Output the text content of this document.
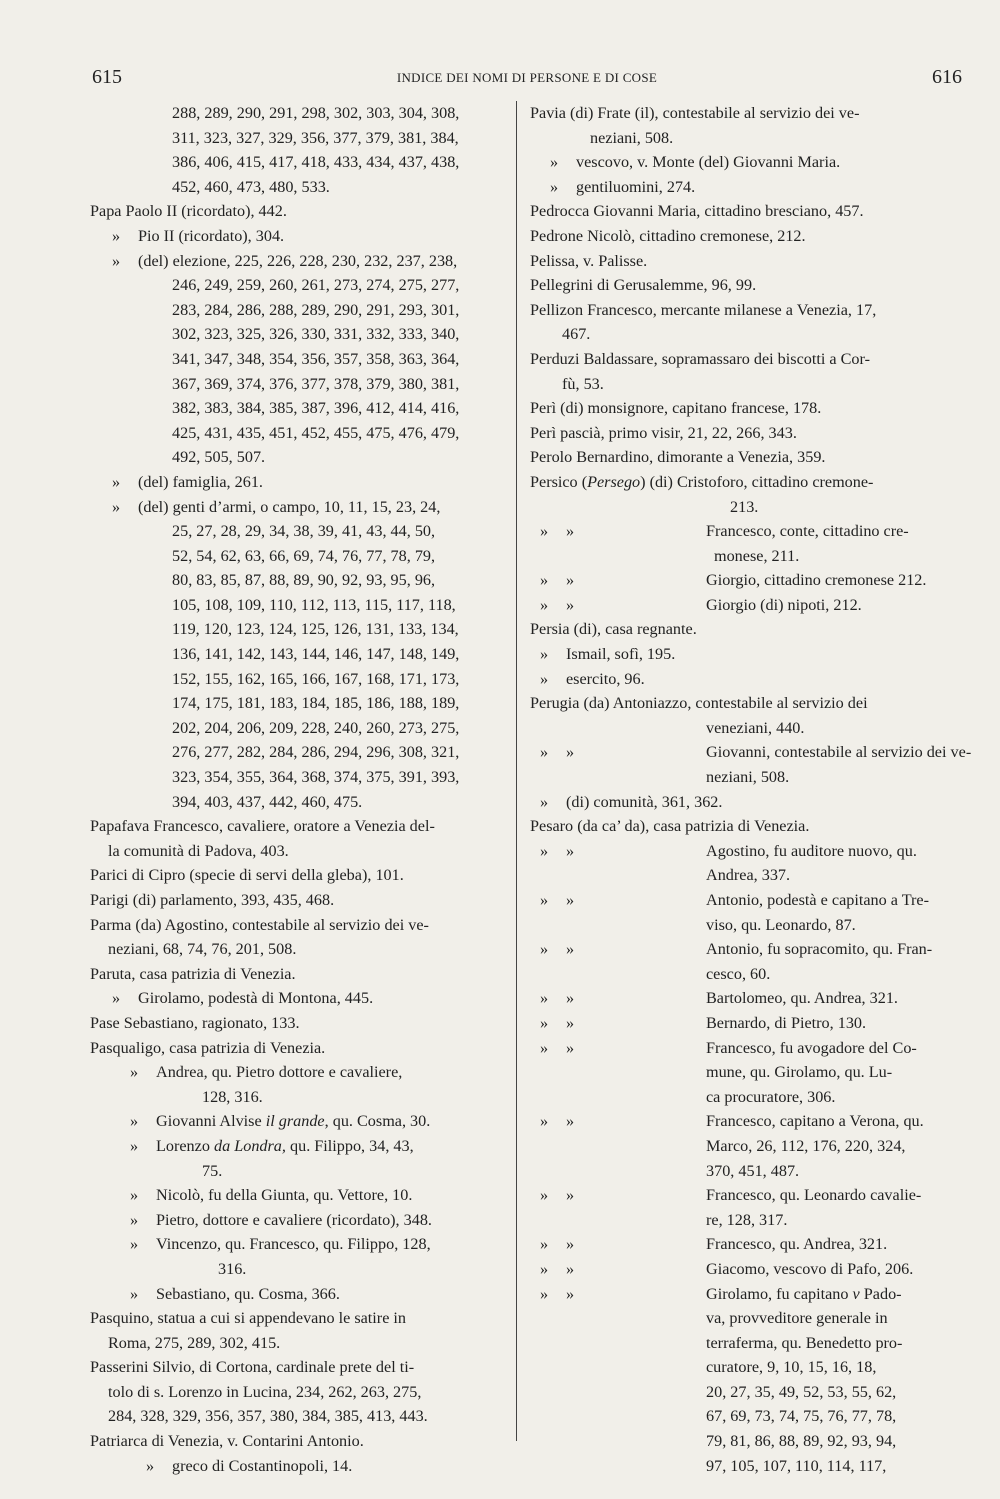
615	INDICE DEI NOMI DI PERSONE E DI COSE	616
288, 289, 290, 291, 298, 302, 303, 304, 308,
311, 323, 327, 329, 356, 377, 379, 381, 384,
386, 406, 415, 417, 418, 433, 434, 437, 438,
452, 460, 473, 480, 533.
Papa Paolo II (ricordato), 442.
» Pio II (ricordato), 304.
» (del) elezione, 225, 226, 228, 230, 232, 237, 238,
246, 249, 259, 260, 261, 273, 274, 275, 277,
283, 284, 286, 288, 289, 290, 291, 293, 301,
302, 323, 325, 326, 330, 331, 332, 333, 340,
341, 347, 348, 354, 356, 357, 358, 363, 364,
367, 369, 374, 376, 377, 378, 379, 380, 381,
382, 383, 384, 385, 387, 396, 412, 414, 416,
425, 431, 435, 451, 452, 455, 475, 476, 479,
492, 505, 507.
» (del) famiglia, 261.
» (del) genti d’armi, o campo, 10, 11, 15, 23, 24,
25, 27, 28, 29, 34, 38, 39, 41, 43, 44, 50,
52, 54, 62, 63, 66, 69, 74, 76, 77, 78, 79,
80, 83, 85, 87, 88, 89, 90, 92, 93, 95, 96,
105, 108, 109, 110, 112, 113, 115, 117, 118,
119, 120, 123, 124, 125, 126, 131, 133, 134,
136, 141, 142, 143, 144, 146, 147, 148, 149,
152, 155, 162, 165, 166, 167, 168, 171, 173,
174, 175, 181, 183, 184, 185, 186, 188, 189,
202, 204, 206, 209, 228, 240, 260, 273, 275,
276, 277, 282, 284, 286, 294, 296, 308, 321,
323, 354, 355, 364, 368, 374, 375, 391, 393,
394, 403, 437, 442, 460, 475.
Papafava Francesco, cavaliere, oratore a Venezia del-
la comunità di Padova, 403.
Parici di Cipro (specie di servi della gleba), 101.
Parigi (di) parlamento, 393, 435, 468.
Parma (da) Agostino, contestabile al servizio dei ve-
neziani, 68, 74, 76, 201, 508.
Paruta, casa patrizia di Venezia.
» Girolamo, podestà di Montona, 445.
Pase Sebastiano, ragionato, 133.
Pasqualigo, casa patrizia di Venezia.
» Andrea, qu. Pietro dottore e cavaliere,
128, 316.
» Giovanni Alvise il grande, qu. Cosma, 30.
» Lorenzo da Londra, qu. Filippo, 34, 43,
75.
» Nicolò, fu della Giunta, qu. Vettore, 10.
» Pietro, dottore e cavaliere (ricordato), 348.
» Vincenzo, qu. Francesco, qu. Filippo, 128,
316.
» Sebastiano, qu. Cosma, 366.
Pasquino, statua a cui si appendevano le satire in
Roma, 275, 289, 302, 415.
Passerini Silvio, di Cortona, cardinale prete del ti-
tolo di s. Lorenzo in Lucina, 234, 262, 263, 275,
284, 328, 329, 356, 357, 380, 384, 385, 413, 443.
Patriarca di Venezia, v. Contarini Antonio.
» greco di Costantinopoli, 14.
Pavia (di) Frate (il), contestabile al servizio dei ve-
neziani, 508.
» vescovo, v. Monte (del) Giovanni Maria.
» gentiluomini, 274.
Pedrocca Giovanni Maria, cittadino bresciano, 457.
Pedrone Nicolò, cittadino cremonese, 212.
Pelissa, v. Palisse.
Pellegrini di Gerusalemme, 96, 99.
Pellizon Francesco, mercante milanese a Venezia, 17,
467.
Perduzi Baldassare, sopramassaro dei biscotti a Cor-
fù, 53.
Perì (di) monsignore, capitano francese, 178.
Perì pascià, primo visir, 21, 22, 266, 343.
Perolo Bernardino, dimorante a Venezia, 359.
Persico (Persego) (di) Cristoforo, cittadino cremone-
213.
» »	Francesco, conte, cittadino cre-
monese, 211.
» »	Giorgio, cittadino cremonese 212.
» »	Giorgio (di) nipoti, 212.
Persia (di), casa regnante.
» Ismail, sofì, 195.
» esercito, 96.
Perugia (da) Antoniazzo, contestabile al servizio dei
veneziani, 440.
» »	Giovanni, contestabile al servizio dei ve-
neziani, 508.
» (di) comunità, 361, 362.
Pesaro (da ca’ da), casa patrizia di Venezia.
» »	Agostino, fu auditore nuovo, qu.
Andrea, 337.
» »	Antonio, podestà e capitano a Tre-
viso, qu. Leonardo, 87.
» »	Antonio, fu sopracomito, qu. Fran-
cesco, 60.
» »	Bartolomeo, qu. Andrea, 321.
» »	Bernardo, di Pietro, 130.
» »	Francesco, fu avogadore del Co-
mune, qu. Girolamo, qu. Lu-
ca procuratore, 306.
» »	Francesco, capitano a Verona, qu.
Marco, 26, 112, 176, 220, 324,
370, 451, 487.
» »	Francesco, qu. Leonardo cavalie-
re, 128, 317.
» »	Francesco, qu. Andrea, 321.
» »	Giacomo, vescovo di Pafo, 206.
» »	Girolamo, fu capitano v Pado-
va, provveditore generale in
terraferma, qu. Benedetto pro-
curatore, 9, 10, 15, 16, 18,
20, 27, 35, 49, 52, 53, 55, 62,
67, 69, 73, 74, 75, 76, 77, 78,
79, 81, 86, 88, 89, 92, 93, 94,
97, 105, 107, 110, 114, 117,
